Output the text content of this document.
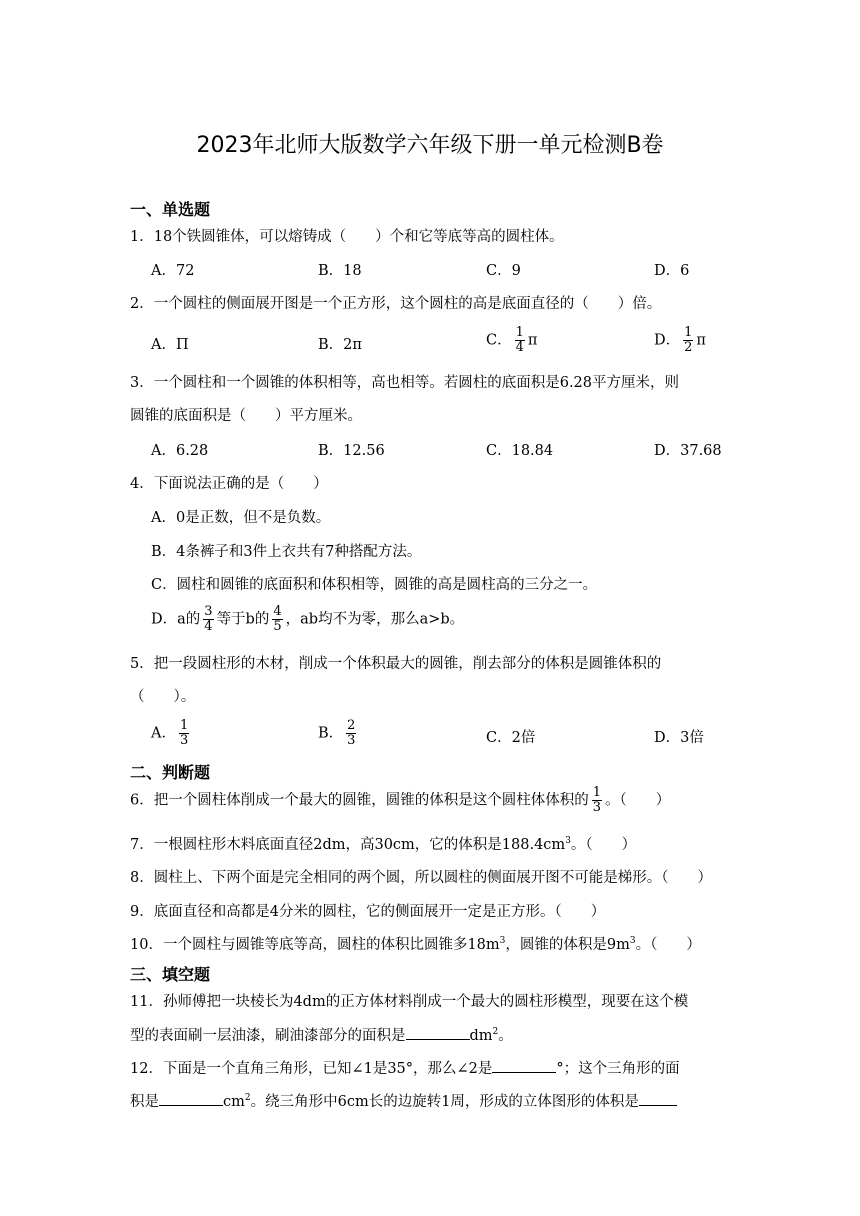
2023年北师大版数学六年级下册一单元检测B卷
一、单选题
1．18个铁圆锥体，可以熔铸成（　　）个和它等底等高的圆柱体。
A．72	B．18	C．9	D．6
2．一个圆柱的侧面展开图是一个正方形，这个圆柱的高是底面直径的（　　）倍。
A．Π	B．2π	C． $\frac{1}{4}$ π	D． $\frac{1}{2}$ π
3．一个圆柱和一个圆锥的体积相等，高也相等。若圆柱的底面积是6.28平方厘米，则
圆锥的底面积是（　　）平方厘米。
A．6.28	B．12.56	C．18.84	D．37.68
4．下面说法正确的是（　　）
A．0是正数，但不是负数。
B．4条裤子和3件上衣共有7种搭配方法。
C．圆柱和圆锥的底面积和体积相等，圆锥的高是圆柱高的三分之一。
D．a的 $\frac{3}{4}$ 等于b的 $\frac{4}{5}$ ，ab均不为零，那么a>b。
5．把一段圆柱形的木材，削成一个体积最大的圆锥，削去部分的体积是圆锥体积的
（　　）。
A． $\frac{1}{3}$	B． $\frac{2}{3}$	C．2倍	D．3倍
二、判断题
6．把一个圆柱体削成一个最大的圆锥，圆锥的体积是这个圆柱体体积的 $\frac{1}{3}$ 。（　　）
7．一根圆柱形木料底面直径2dm，高30cm，它的体积是$188.4cm^3$。（　　）
8．圆柱上、下两个面是完全相同的两个圆，所以圆柱的侧面展开图不可能是梯形。（　　）
9．底面直径和高都是4分米的圆柱，它的侧面展开一定是正方形。（　　）
10．一个圆柱与圆锥等底等高，圆柱的体积比圆锥多$18m^3$，圆锥的体积是$9m^3$。（　　）
三、填空题
11．孙师傅把一块棱长为4dm的正方体材料削成一个最大的圆柱形模型，现要在这个模
型的表面刷一层油漆，刷油漆部分的面积是	$dm^2$。
12．下面是一个直角三角形，已知∠1是35°，那么∠2是	°；这个三角形的面
积是	$cm^2$。绕三角形中6cm长的边旋转1周，形成的立体图形的体积是
